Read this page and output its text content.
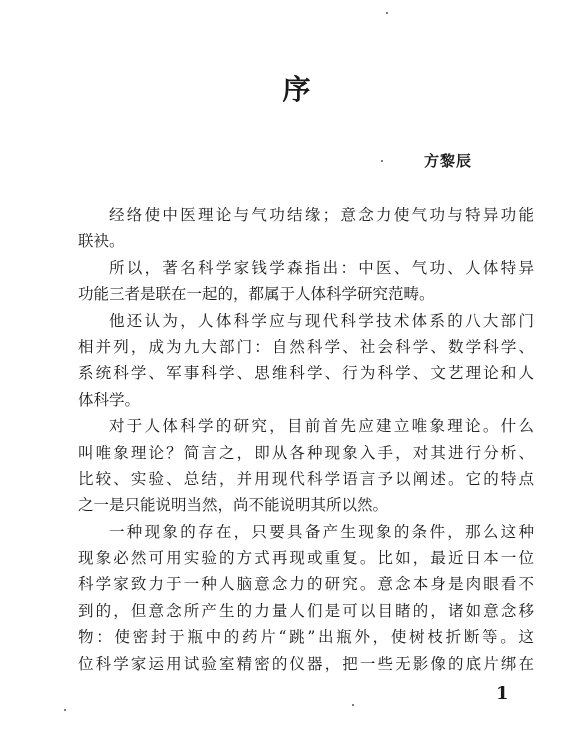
序
方黎辰
经络使中医理论与气功结缘；意念力使气功与特异功能
联袂。
所以，著名科学家钱学森指出：中医、气功、人体特异
功能三者是联在一起的，都属于人体科学研究范畴。
他还认为，人体科学应与现代科学技术体系的八大部门
相并列，成为九大部门：自然科学、社会科学、数学科学、
系统科学、军事科学、思维科学、行为科学、文艺理论和人
体科学。
对于人体科学的研究，目前首先应建立唯象理论。什么
叫唯象理论？简言之，即从各种现象入手，对其进行分析、
比较、实验、总结，并用现代科学语言予以阐述。它的特点
之一是只能说明当然，尚不能说明其所以然。
一种现象的存在，只要具备产生现象的条件，那么这种
现象必然可用实验的方式再现或重复。比如，最近日本一位
科学家致力于一种人脑意念力的研究。意念本身是肉眼看不
到的，但意念所产生的力量人们是可以目睹的，诸如意念移
物：使密封于瓶中的药片“跳”出瓶外，使树枝折断等。这
位科学家运用试验室精密的仪器，把一些无影像的底片绑在
1
